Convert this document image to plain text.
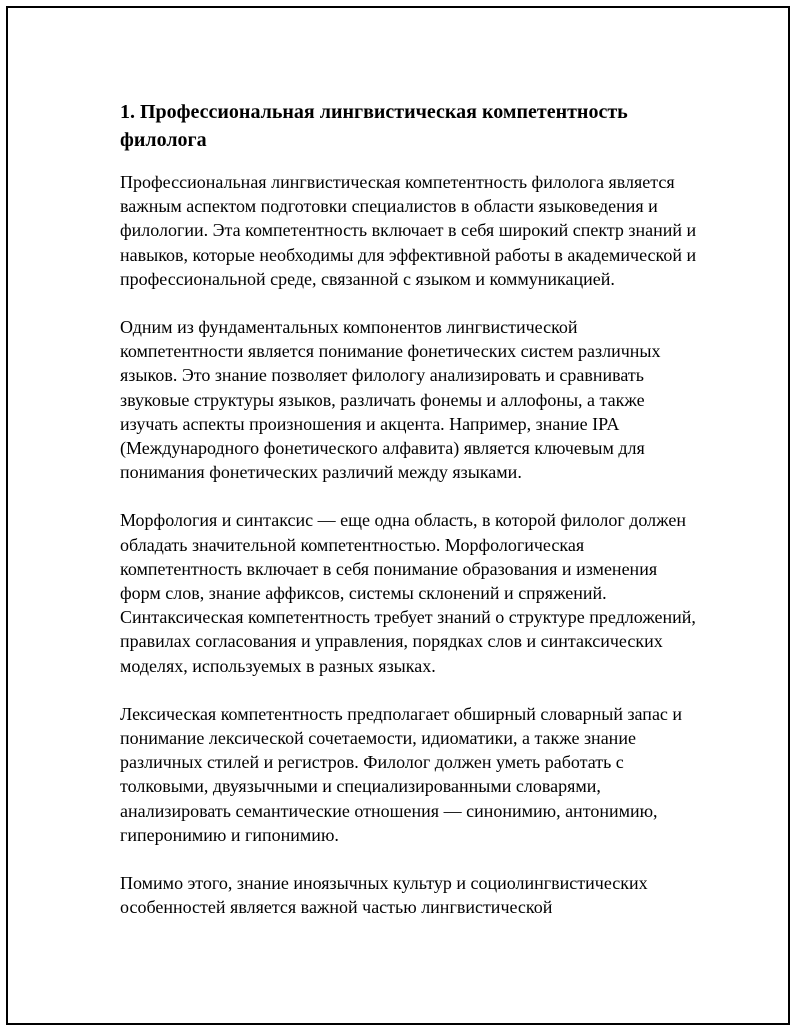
1. Профессиональная лингвистическая компетентность филолога

Профессиональная лингвистическая компетентность филолога является важным аспектом подготовки специалистов в области языковедения и филологии. Эта компетентность включает в себя широкий спектр знаний и навыков, которые необходимы для эффективной работы в академической и профессиональной среде, связанной с языком и коммуникацией.

Одним из фундаментальных компонентов лингвистической компетентности является понимание фонетических систем различных языков. Это знание позволяет филологу анализировать и сравнивать звуковые структуры языков, различать фонемы и аллофоны, а также изучать аспекты произношения и акцента. Например, знание IPA (Международного фонетического алфавита) является ключевым для понимания фонетических различий между языками.

Морфология и синтаксис — еще одна область, в которой филолог должен обладать значительной компетентностью. Морфологическая компетентность включает в себя понимание образования и изменения форм слов, знание аффиксов, системы склонений и спряжений. Синтаксическая компетентность требует знаний о структуре предложений, правилах согласования и управления, порядках слов и синтаксических моделях, используемых в разных языках.

Лексическая компетентность предполагает обширный словарный запас и понимание лексической сочетаемости, идиоматики, а также знание различных стилей и регистров. Филолог должен уметь работать с толковыми, двуязычными и специализированными словарями, анализировать семантические отношения — синонимию, антонимию, гиперонимию и гипонимию.

Помимо этого, знание иноязычных культур и социолингвистических особенностей является важной частью лингвистической
